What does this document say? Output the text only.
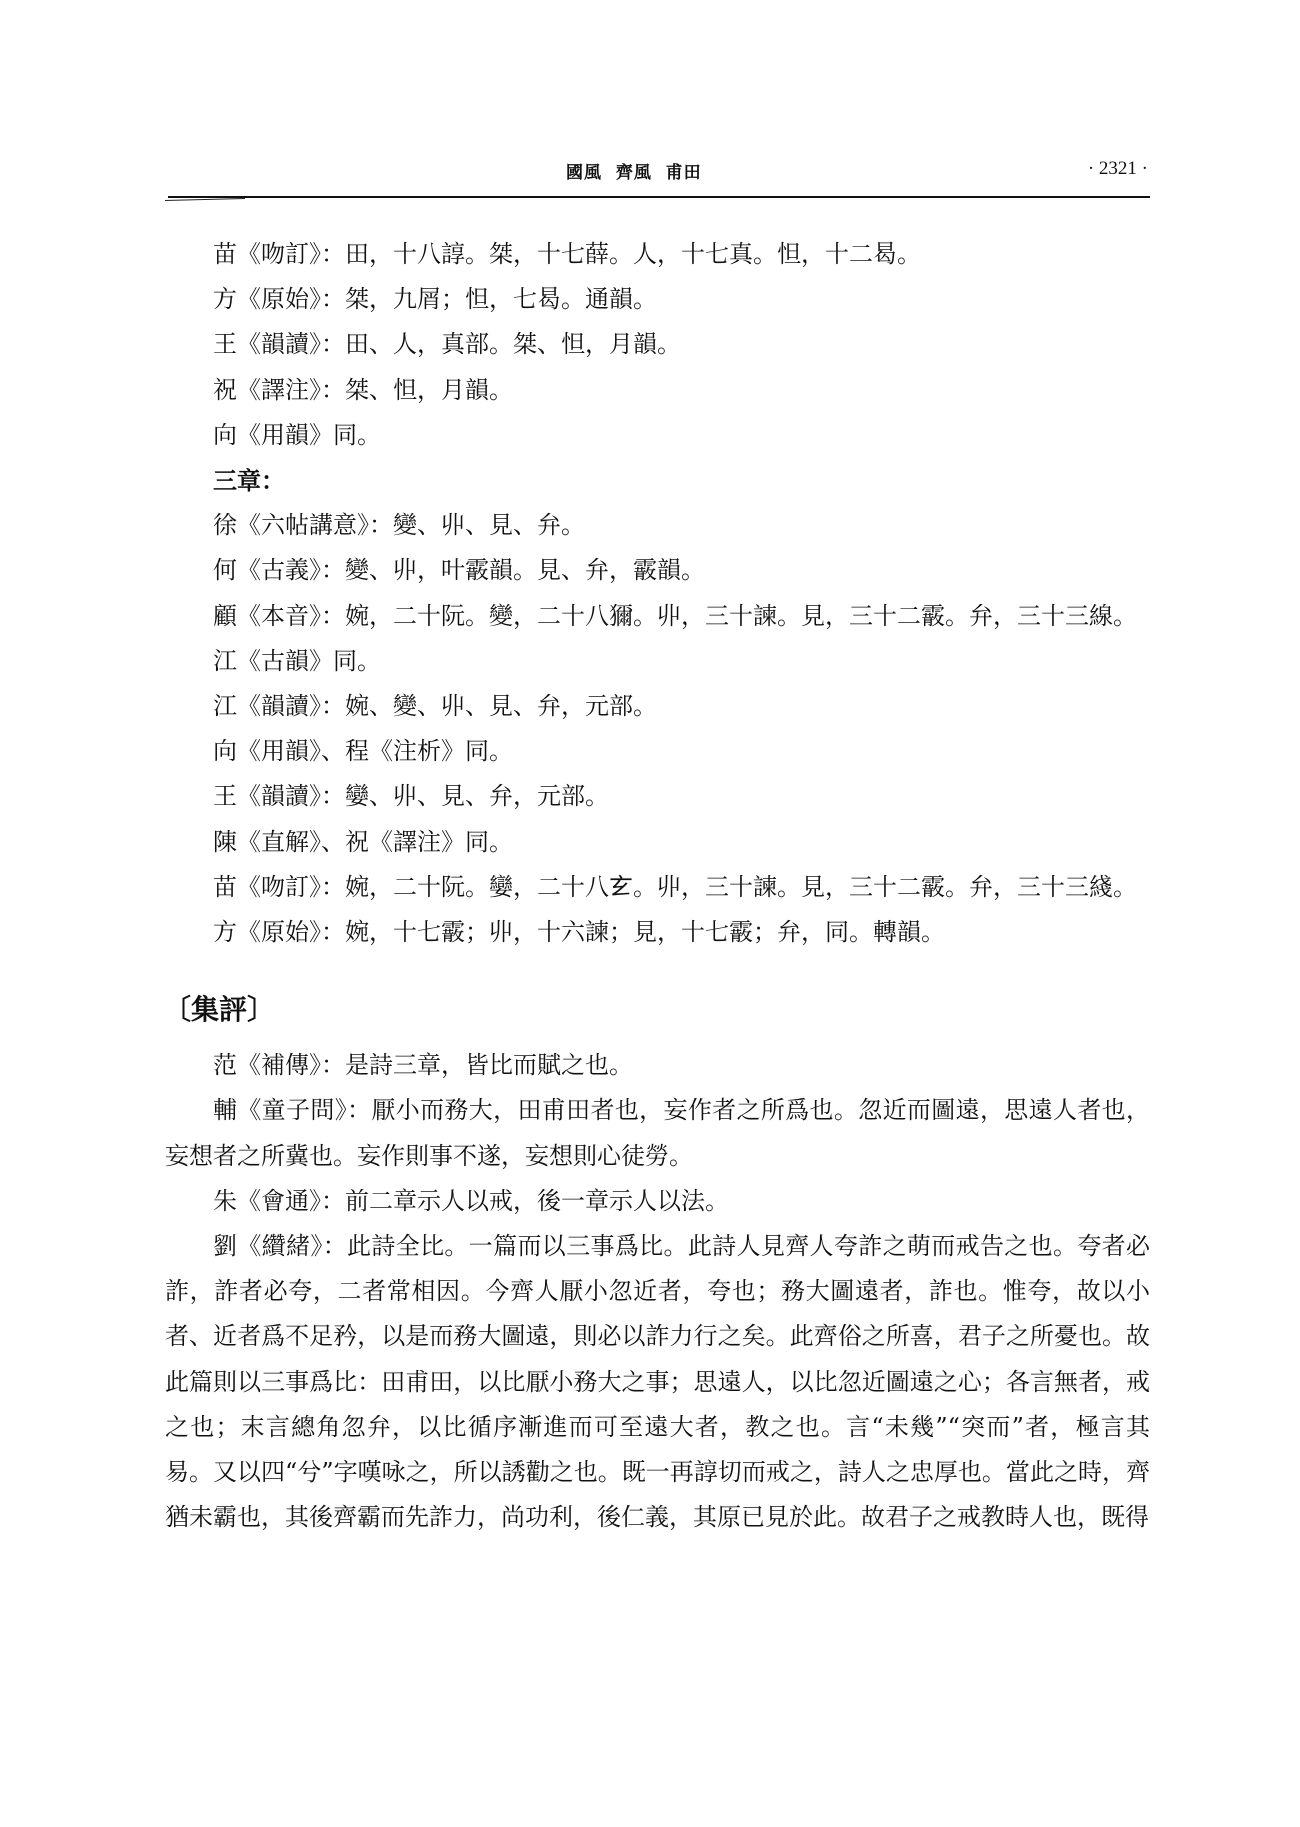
國風  齊風  甫田	· 2321 ·

苗《吻訂》：田，十八諄。桀，十七薛。人，十七真。怛，十二曷。

方《原始》：桀，九屑；怛，七曷。通韻。

王《韻讀》：田、人，真部。桀、怛，月韻。

祝《譯注》：桀、怛，月韻。

向《用韻》同。

三章：

徐《六帖講意》：變、丱、見、弁。

何《古義》：變、丱，叶霰韻。見、弁，霰韻。

顧《本音》：婉，二十阮。變，二十八獮。丱，三十諫。見，三十二霰。弁，三十三線。

江《古韻》同。

江《韻讀》：婉、變、丱、見、弁，元部。

向《用韻》、程《注析》同。

王《韻讀》：孌、丱、見、弁，元部。

陳《直解》、祝《譯注》同。

苗《吻訂》：婉，二十阮。孌，二十八𤣥。丱，三十諫。見，三十二霰。弁，三十三綫。

方《原始》：婉，十七霰；丱，十六諫；見，十七霰；弁，同。轉韻。

〔集評〕

范《補傳》：是詩三章，皆比而賦之也。

輔《童子問》：厭小而務大，田甫田者也，妄作者之所爲也。忽近而圖遠，思遠人者也，妄想者之所冀也。妄作則事不遂，妄想則心徒勞。

朱《會通》：前二章示人以戒，後一章示人以法。

劉《纘緒》：此詩全比。一篇而以三事爲比。此詩人見齊人夸詐之萌而戒告之也。夸者必詐，詐者必夸，二者常相因。今齊人厭小忽近者，夸也；務大圖遠者，詐也。惟夸，故以小者、近者爲不足矜，以是而務大圖遠，則必以詐力行之矣。此齊俗之所喜，君子之所憂也。故此篇則以三事爲比：田甫田，以比厭小務大之事；思遠人，以比忽近圖遠之心；各言無者，戒之也；末言總角忽弁，以比循序漸進而可至遠大者，教之也。言“未幾”“突而”者，極言其易。又以四“兮”字嘆咏之，所以誘勸之也。既一再諄切而戒之，詩人之忠厚也。當此之時，齊猶未霸也，其後齊霸而先詐力，尚功利，後仁義，其原已見於此。故君子之戒教時人也，既得
